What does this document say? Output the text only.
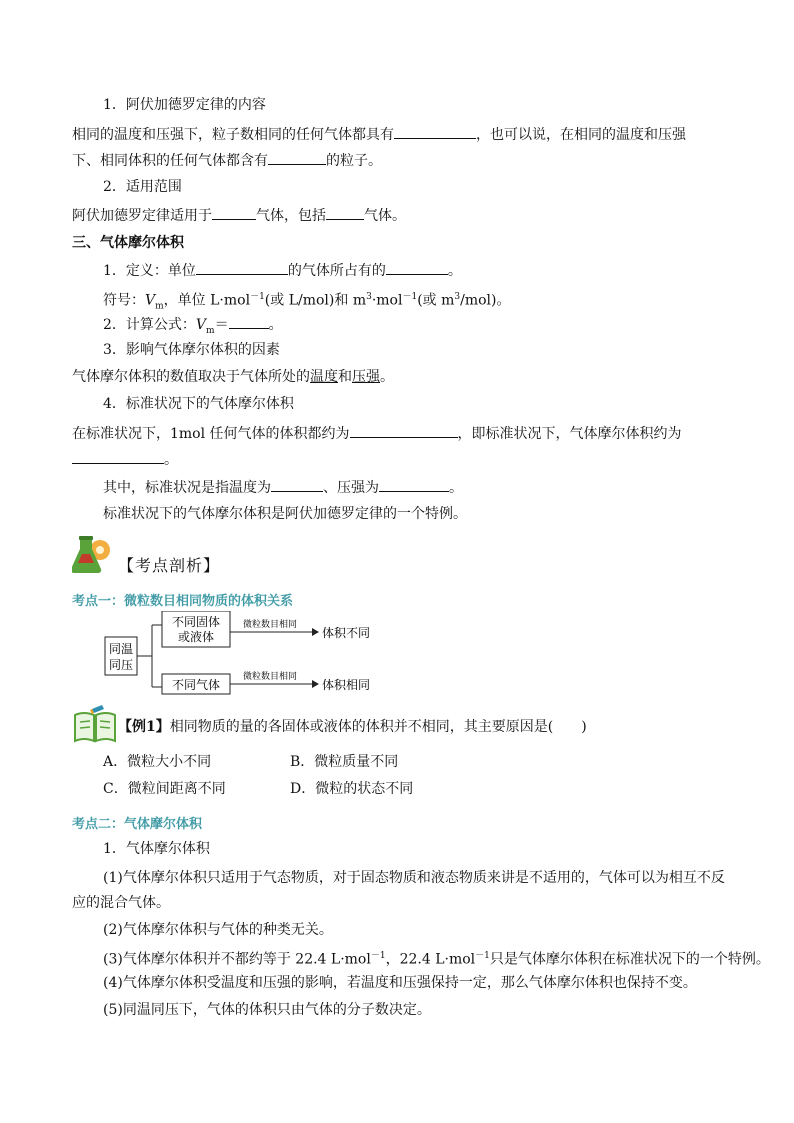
1．阿伏加德罗定律的内容
相同的温度和压强下，粒子数相同的任何气体都具有	，也可以说，在相同的温度和压强
下、相同体积的任何气体都含有	的粒子。
2．适用范围
阿伏加德罗定律适用于	气体，包括	气体。
三、气体摩尔体积
1．定义：单位	的气体所占有的	。
符号：$V_m$，单位 L·mol$^{-1}$(或 L/mol)和 $m^3\cdot mol^{-1}$(或 $m^3/mol$)。
2．计算公式：$V_m=$	。
3．影响气体摩尔体积的因素
气体摩尔体积的数值取决于气体所处的温度和压强。
4．标准状况下的气体摩尔体积
在标准状况下，1mol 任何气体的体积都约为	，即标准状况下，气体摩尔体积约为
。
其中，标准状况是指温度为	、压强为	。
标准状况下的气体摩尔体积是阿伏加德罗定律的一个特例。
【考点剖析】
考点一：微粒数目相同物质的体积关系
同温
同压
不同固体
或液体
微粒数目相同
体积不同
不同气体
微粒数目相同
体积相同
【例1】相同物质的量的各固体或液体的体积并不相同，其主要原因是(　　)
A．微粒大小不同	B．微粒质量不同
C．微粒间距离不同	D．微粒的状态不同
考点二：气体摩尔体积
1．气体摩尔体积
(1)气体摩尔体积只适用于气态物质，对于固态物质和液态物质来讲是不适用的，气体可以为相互不反
应的混合气体。
(2)气体摩尔体积与气体的种类无关。
(3)气体摩尔体积并不都约等于 22.4 L·mol$^{-1}$，22.4 L·mol$^{-1}$只是气体摩尔体积在标准状况下的一个特例。
(4)气体摩尔体积受温度和压强的影响，若温度和压强保持一定，那么气体摩尔体积也保持不变。
(5)同温同压下，气体的体积只由气体的分子数决定。
